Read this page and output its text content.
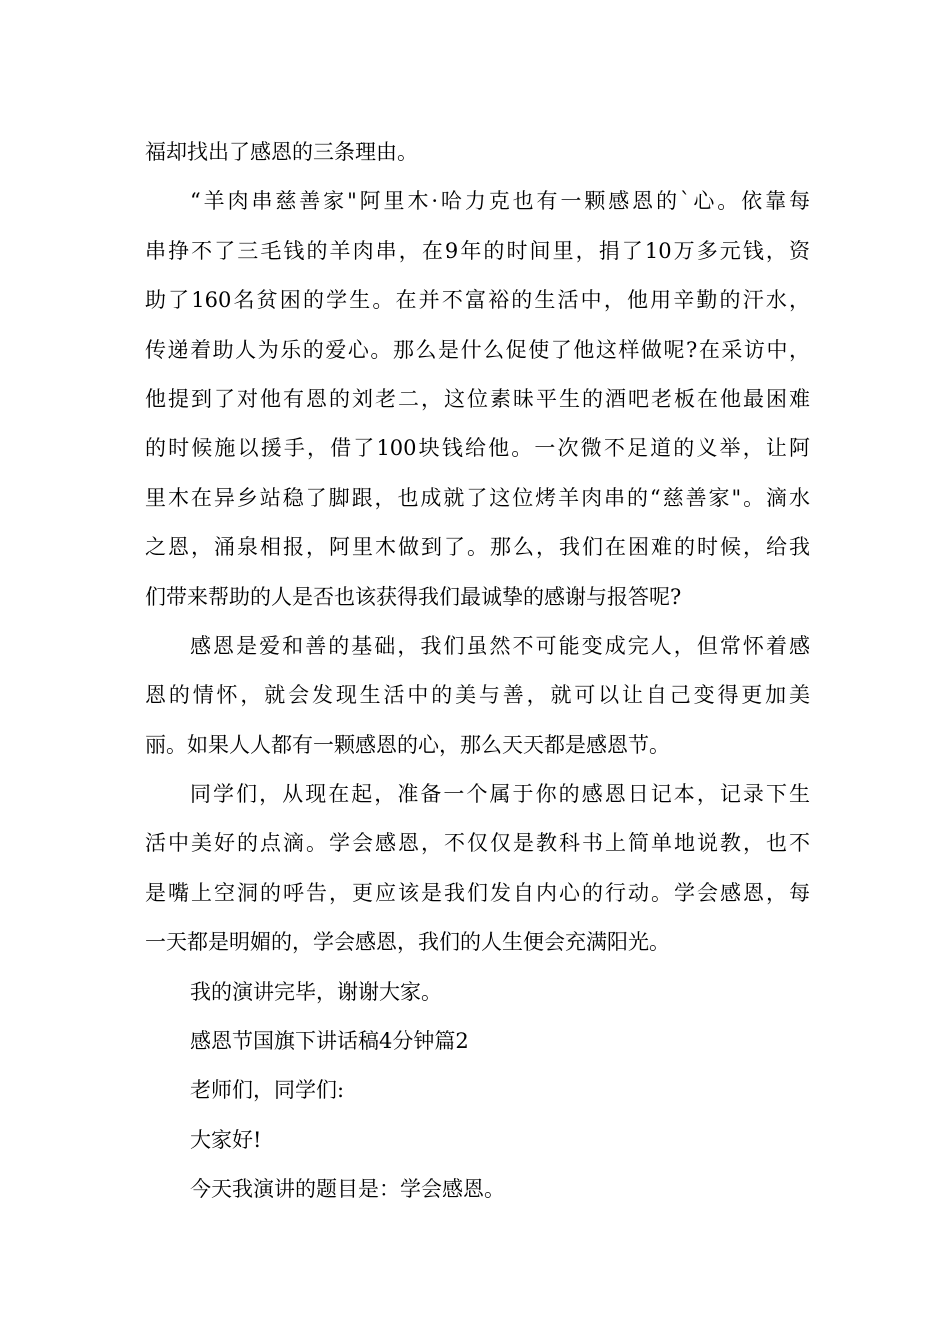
福却找出了感恩的三条理由。
“羊肉串慈善家"阿里木·哈力克也有一颗感恩的`心。依靠每
串挣不了三毛钱的羊肉串，在9年的时间里，捐了10万多元钱，资
助了160名贫困的学生。在并不富裕的生活中，他用辛勤的汗水，
传递着助人为乐的爱心。那么是什么促使了他这样做呢?在采访中，
他提到了对他有恩的刘老二，这位素昧平生的酒吧老板在他最困难
的时候施以援手，借了100块钱给他。一次微不足道的义举，让阿
里木在异乡站稳了脚跟，也成就了这位烤羊肉串的“慈善家"。滴水
之恩，涌泉相报，阿里木做到了。那么，我们在困难的时候，给我
们带来帮助的人是否也该获得我们最诚挚的感谢与报答呢?
感恩是爱和善的基础，我们虽然不可能变成完人，但常怀着感
恩的情怀，就会发现生活中的美与善，就可以让自己变得更加美
丽。如果人人都有一颗感恩的心，那么天天都是感恩节。
同学们，从现在起，准备一个属于你的感恩日记本，记录下生
活中美好的点滴。学会感恩，不仅仅是教科书上简单地说教，也不
是嘴上空洞的呼告，更应该是我们发自内心的行动。学会感恩，每
一天都是明媚的，学会感恩，我们的人生便会充满阳光。
我的演讲完毕，谢谢大家。
感恩节国旗下讲话稿4分钟篇2
老师们，同学们:
大家好!
今天我演讲的题目是：学会感恩。
